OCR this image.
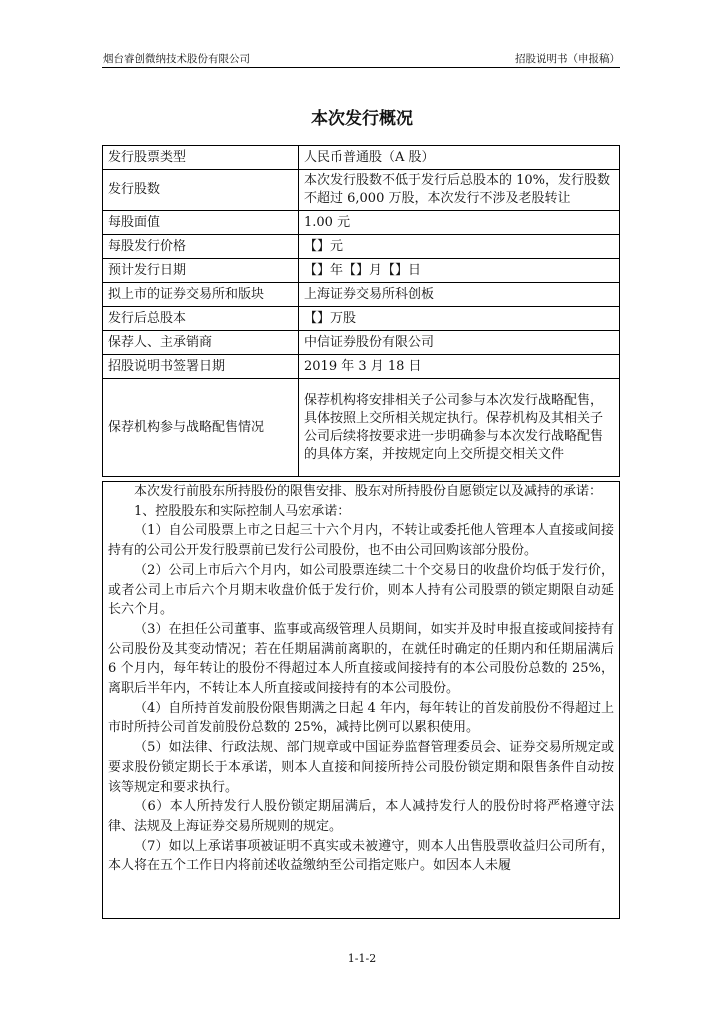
烟台睿创微纳技术股份有限公司	招股说明书（申报稿）
本次发行概况
发行股票类型	人民币普通股（A 股）
发行股数	本次发行股数不低于发行后总股本的 10%，发行股数不超过 6,000 万股，本次发行不涉及老股转让
每股面值	1.00 元
每股发行价格	【】元
预计发行日期	【】年【】月【】日
拟上市的证券交易所和版块	上海证券交易所科创板
发行后总股本	【】万股
保荐人、主承销商	中信证券股份有限公司
招股说明书签署日期	2019 年 3 月 18 日
保荐机构参与战略配售情况	保荐机构将安排相关子公司参与本次发行战略配售，具体按照上交所相关规定执行。保荐机构及其相关子公司后续将按要求进一步明确参与本次发行战略配售的具体方案，并按规定向上交所提交相关文件

本次发行前股东所持股份的限售安排、股东对所持股份自愿锁定以及减持的承诺：

1、控股股东和实际控制人马宏承诺：

（1）自公司股票上市之日起三十六个月内，不转让或委托他人管理本人直接或间接持有的公司公开发行股票前已发行公司股份，也不由公司回购该部分股份。

（2）公司上市后六个月内，如公司股票连续二十个交易日的收盘价均低于发行价，或者公司上市后六个月期末收盘价低于发行价，则本人持有公司股票的锁定期限自动延长六个月。

（3）在担任公司董事、监事或高级管理人员期间，如实并及时申报直接或间接持有公司股份及其变动情况；若在任期届满前离职的，在就任时确定的任期内和任期届满后 6 个月内，每年转让的股份不得超过本人所直接或间接持有的本公司股份总数的 25%，离职后半年内，不转让本人所直接或间接持有的本公司股份。

（4）自所持首发前股份限售期满之日起 4 年内，每年转让的首发前股份不得超过上市时所持公司首发前股份总数的 25%，减持比例可以累积使用。

（5）如法律、行政法规、部门规章或中国证券监督管理委员会、证券交易所规定或要求股份锁定期长于本承诺，则本人直接和间接所持公司股份锁定期和限售条件自动按该等规定和要求执行。

（6）本人所持发行人股份锁定期届满后，本人减持发行人的股份时将严格遵守法律、法规及上海证券交易所规则的规定。

（7）如以上承诺事项被证明不真实或未被遵守，则本人出售股票收益归公司所有，本人将在五个工作日内将前述收益缴纳至公司指定账户。如因本人未履

1-1-2
